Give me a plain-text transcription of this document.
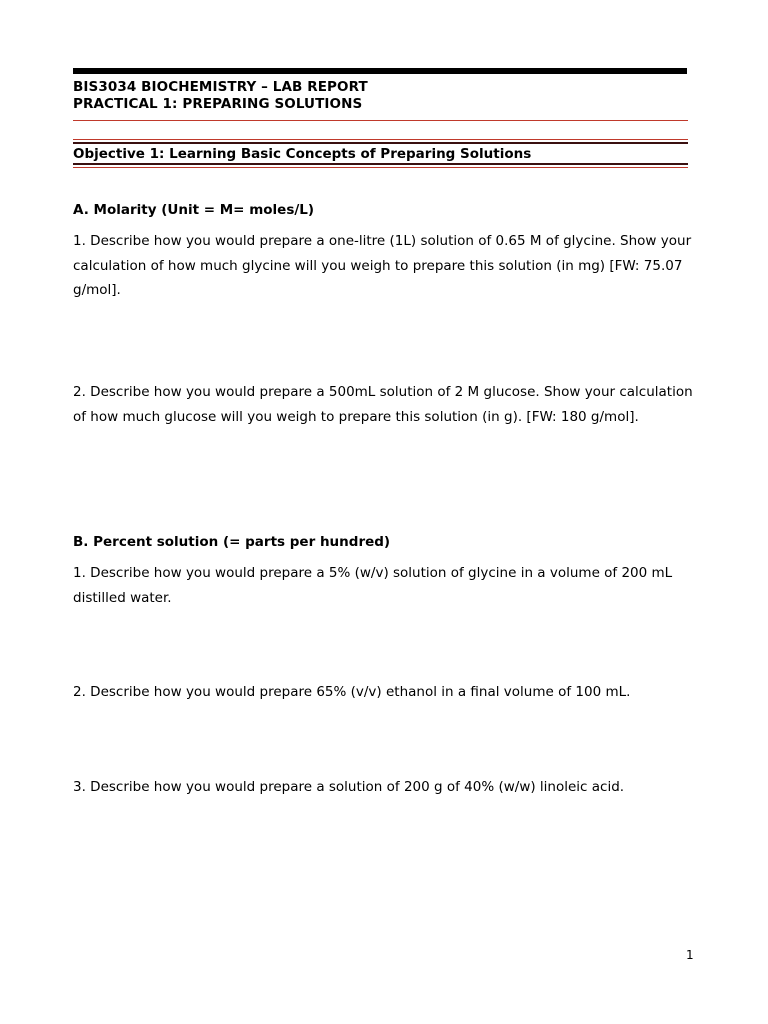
BIS3034 BIOCHEMISTRY – LAB REPORT
PRACTICAL 1: PREPARING SOLUTIONS
Objective 1: Learning Basic Concepts of Preparing Solutions
A. Molarity (Unit = M= moles/L)
1. Describe how you would prepare a one-litre (1L) solution of 0.65 M of glycine. Show your calculation of how much glycine will you weigh to prepare this solution (in mg) [FW: 75.07 g/mol].
2. Describe how you would prepare a 500mL solution of 2 M glucose. Show your calculation of how much glucose will you weigh to prepare this solution (in g). [FW: 180 g/mol].
B. Percent solution (= parts per hundred)
1. Describe how you would prepare a 5% (w/v) solution of glycine in a volume of 200 mL distilled water.
2. Describe how you would prepare 65% (v/v) ethanol in a final volume of 100 mL.
3. Describe how you would prepare a solution of 200 g of 40% (w/w) linoleic acid.
1
